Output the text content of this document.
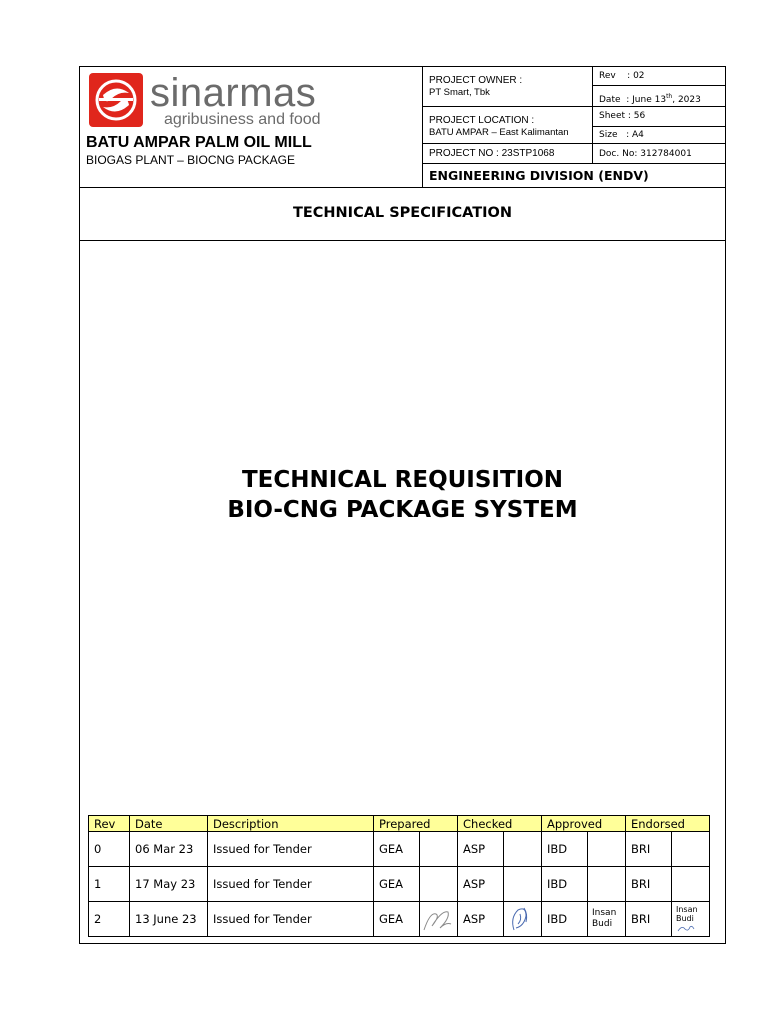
sinarmas
agribusiness and food
BATU AMPAR PALM OIL MILL
BIOGAS PLANT – BIOCNG PACKAGE
PROJECT OWNER :
PT Smart, Tbk
PROJECT LOCATION :
BATU AMPAR – East Kalimantan
PROJECT NO : 23STP1068
Rev : 02
Date : June 13th, 2023
Sheet : 56
Size : A4
Doc. No: 312784001
ENGINEERING DIVISION (ENDV)
TECHNICAL SPECIFICATION
TECHNICAL REQUISITION
BIO-CNG PACKAGE SYSTEM
Rev	Date	Description	Prepared		Checked		Approved		Endorsed	
0	06 Mar 23	Issued for Tender	GEA		ASP		IBD		BRI	
1	17 May 23	Issued for Tender	GEA		ASP		IBD		BRI	
2	13 June 23	Issued for Tender	GEA		ASP		IBD	Insan Budi	BRI	Insan Budi
